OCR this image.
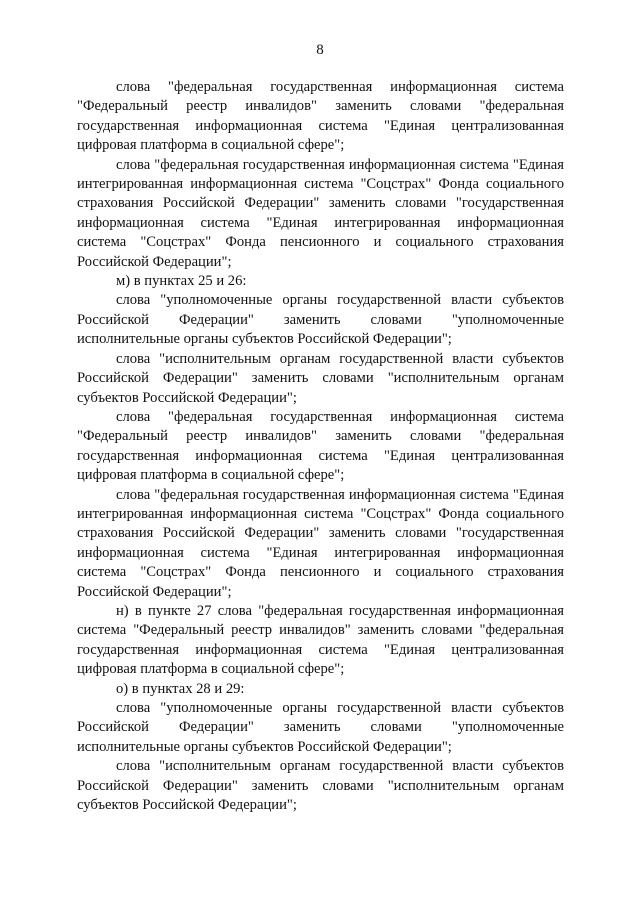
8

слова "федеральная государственная информационная система "Федеральный реестр инвалидов" заменить словами "федеральная государственная информационная система "Единая централизованная цифровая платформа в социальной сфере";

слова "федеральная государственная информационная система "Единая интегрированная информационная система "Соцстрах" Фонда социального страхования Российской Федерации" заменить словами "государственная информационная система "Единая интегрированная информационная система "Соцстрах" Фонда пенсионного и социального страхования Российской Федерации";

м) в пунктах 25 и 26:

слова "уполномоченные органы государственной власти субъектов Российской Федерации" заменить словами "уполномоченные исполнительные органы субъектов Российской Федерации";

слова "исполнительным органам государственной власти субъектов Российской Федерации" заменить словами "исполнительным органам субъектов Российской Федерации";

слова "федеральная государственная информационная система "Федеральный реестр инвалидов" заменить словами "федеральная государственная информационная система "Единая централизованная цифровая платформа в социальной сфере";

слова "федеральная государственная информационная система "Единая интегрированная информационная система "Соцстрах" Фонда социального страхования Российской Федерации" заменить словами "государственная информационная система "Единая интегрированная информационная система "Соцстрах" Фонда пенсионного и социального страхования Российской Федерации";

н) в пункте 27 слова "федеральная государственная информационная система "Федеральный реестр инвалидов" заменить словами "федеральная государственная информационная система "Единая централизованная цифровая платформа в социальной сфере";

о) в пунктах 28 и 29:

слова "уполномоченные органы государственной власти субъектов Российской Федерации" заменить словами "уполномоченные исполнительные органы субъектов Российской Федерации";

слова "исполнительным органам государственной власти субъектов Российской Федерации" заменить словами "исполнительным органам субъектов Российской Федерации";
